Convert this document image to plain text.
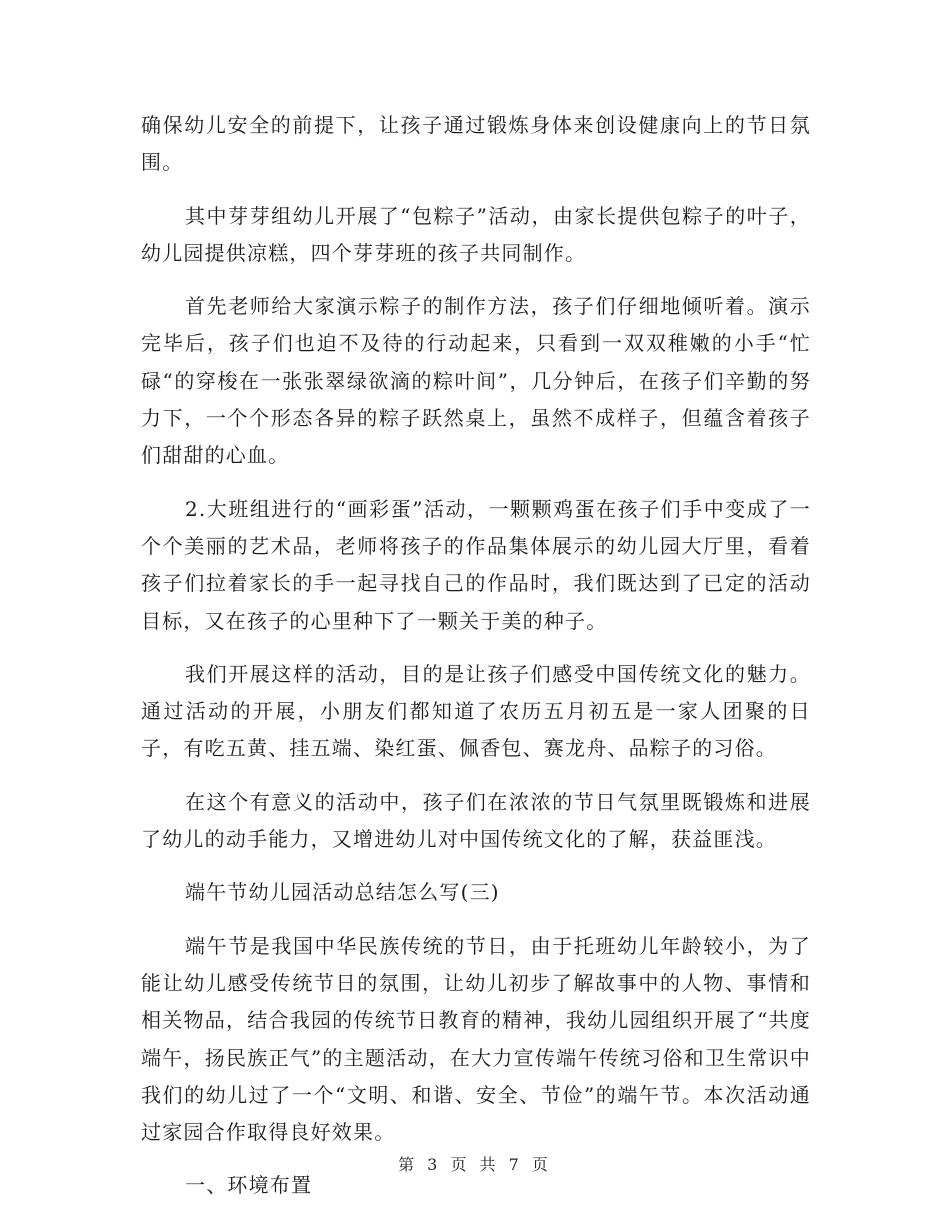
确保幼儿安全的前提下，让孩子通过锻炼身体来创设健康向上的节日氛围。

其中芽芽组幼儿开展了“包粽子”活动，由家长提供包粽子的叶子，幼儿园提供凉糕，四个芽芽班的孩子共同制作。

首先老师给大家演示粽子的制作方法，孩子们仔细地倾听着。演示完毕后，孩子们也迫不及待的行动起来，只看到一双双稚嫩的小手“忙碌“的穿梭在一张张翠绿欲滴的粽叶间”，几分钟后，在孩子们辛勤的努力下，一个个形态各异的粽子跃然桌上，虽然不成样子，但蕴含着孩子们甜甜的心血。

2.大班组进行的“画彩蛋”活动，一颗颗鸡蛋在孩子们手中变成了一个个美丽的艺术品，老师将孩子的作品集体展示的幼儿园大厅里，看着孩子们拉着家长的手一起寻找自己的作品时，我们既达到了已定的活动目标，又在孩子的心里种下了一颗关于美的种子。

我们开展这样的活动，目的是让孩子们感受中国传统文化的魅力。通过活动的开展，小朋友们都知道了农历五月初五是一家人团聚的日子，有吃五黄、挂五端、染红蛋、佩香包、赛龙舟、品粽子的习俗。

在这个有意义的活动中，孩子们在浓浓的节日气氛里既锻炼和进展了幼儿的动手能力，又增进幼儿对中国传统文化的了解，获益匪浅。

端午节幼儿园活动总结怎么写(三)

端午节是我国中华民族传统的节日，由于托班幼儿年龄较小，为了能让幼儿感受传统节日的氛围，让幼儿初步了解故事中的人物、事情和相关物品，结合我园的传统节日教育的精神，我幼儿园组织开展了“共度端午，扬民族正气”的主题活动，在大力宣传端午传统习俗和卫生常识中我们的幼儿过了一个“文明、和谐、安全、节俭”的端午节。本次活动通过家园合作取得良好效果。

一、环境布置

第 3 页 共 7 页
